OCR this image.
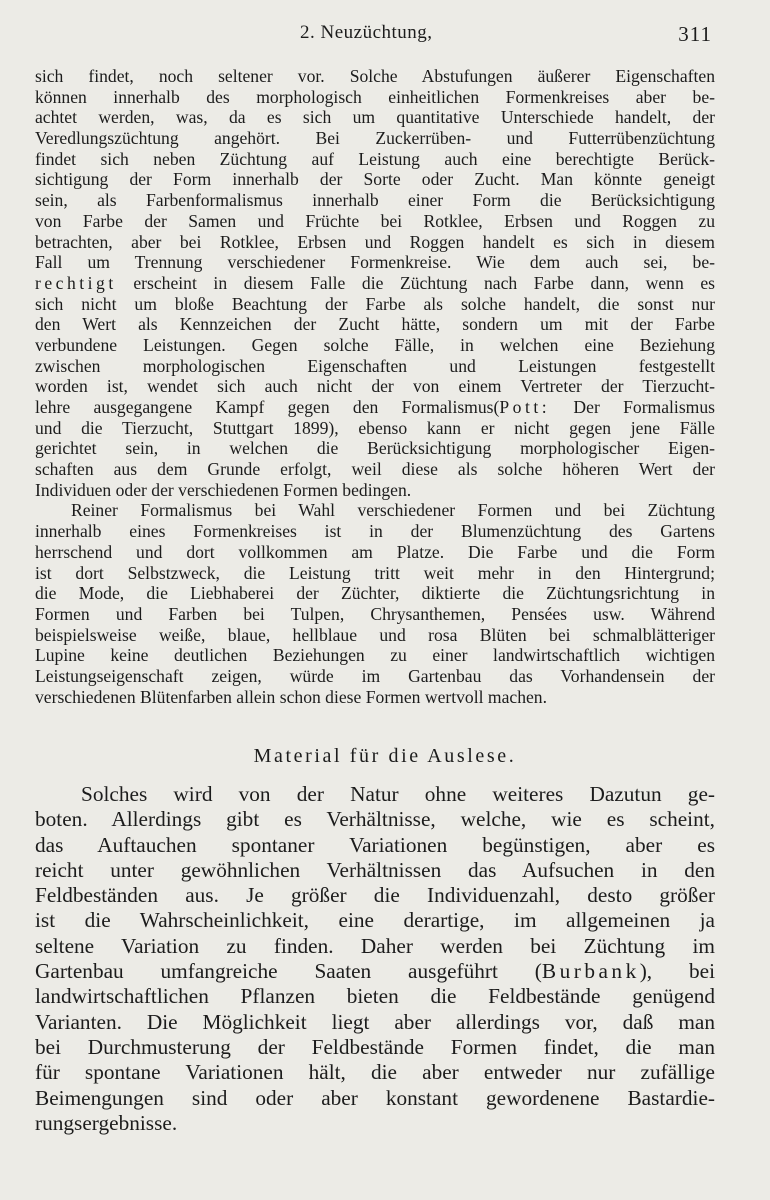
2. Neuzüchtung,	311
sich findet, noch seltener vor. Solche Abstufungen äußerer Eigenschaften
können innerhalb des morphologisch einheitlichen Formenkreises aber be-
achtet werden, was, da es sich um quantitative Unterschiede handelt, der
Veredlungszüchtung angehört. Bei Zuckerrüben- und Futterrübenzüchtung
findet sich neben Züchtung auf Leistung auch eine berechtigte Berück-
sichtigung der Form innerhalb der Sorte oder Zucht. Man könnte geneigt
sein, als Farbenformalismus innerhalb einer Form die Berücksichtigung
von Farbe der Samen und Früchte bei Rotklee, Erbsen und Roggen zu
betrachten, aber bei Rotklee, Erbsen und Roggen handelt es sich in diesem
Fall um Trennung verschiedener Formenkreise. Wie dem auch sei, be-
rechtigt erscheint in diesem Falle die Züchtung nach Farbe dann, wenn es
sich nicht um bloße Beachtung der Farbe als solche handelt, die sonst nur
den Wert als Kennzeichen der Zucht hätte, sondern um mit der Farbe
verbundene Leistungen. Gegen solche Fälle, in welchen eine Beziehung
zwischen morphologischen Eigenschaften und Leistungen festgestellt
worden ist, wendet sich auch nicht der von einem Vertreter der Tierzucht-
lehre ausgegangene Kampf gegen den Formalismus(Pott: Der Formalismus
und die Tierzucht, Stuttgart 1899), ebenso kann er nicht gegen jene Fälle
gerichtet sein, in welchen die Berücksichtigung morphologischer Eigen-
schaften aus dem Grunde erfolgt, weil diese als solche höheren Wert der
Individuen oder der verschiedenen Formen bedingen.
Reiner Formalismus bei Wahl verschiedener Formen und bei Züchtung
innerhalb eines Formenkreises ist in der Blumenzüchtung des Gartens
herrschend und dort vollkommen am Platze. Die Farbe und die Form
ist dort Selbstzweck, die Leistung tritt weit mehr in den Hintergrund;
die Mode, die Liebhaberei der Züchter, diktierte die Züchtungsrichtung in
Formen und Farben bei Tulpen, Chrysanthemen, Pensées usw. Während
beispielsweise weiße, blaue, hellblaue und rosa Blüten bei schmalblätteriger
Lupine keine deutlichen Beziehungen zu einer landwirtschaftlich wichtigen
Leistungseigenschaft zeigen, würde im Gartenbau das Vorhandensein der
verschiedenen Blütenfarben allein schon diese Formen wertvoll machen.
Material für die Auslese.
Solches wird von der Natur ohne weiteres Dazutun ge-
boten. Allerdings gibt es Verhältnisse, welche, wie es scheint,
das Auftauchen spontaner Variationen begünstigen, aber es
reicht unter gewöhnlichen Verhältnissen das Aufsuchen in den
Feldbeständen aus. Je größer die Individuenzahl, desto größer
ist die Wahrscheinlichkeit, eine derartige, im allgemeinen ja
seltene Variation zu finden. Daher werden bei Züchtung im
Gartenbau umfangreiche Saaten ausgeführt (Burbank), bei
landwirtschaftlichen Pflanzen bieten die Feldbestände genügend
Varianten. Die Möglichkeit liegt aber allerdings vor, daß man
bei Durchmusterung der Feldbestände Formen findet, die man
für spontane Variationen hält, die aber entweder nur zufällige
Beimengungen sind oder aber konstant gewordenene Bastardie-
rungsergebnisse.
